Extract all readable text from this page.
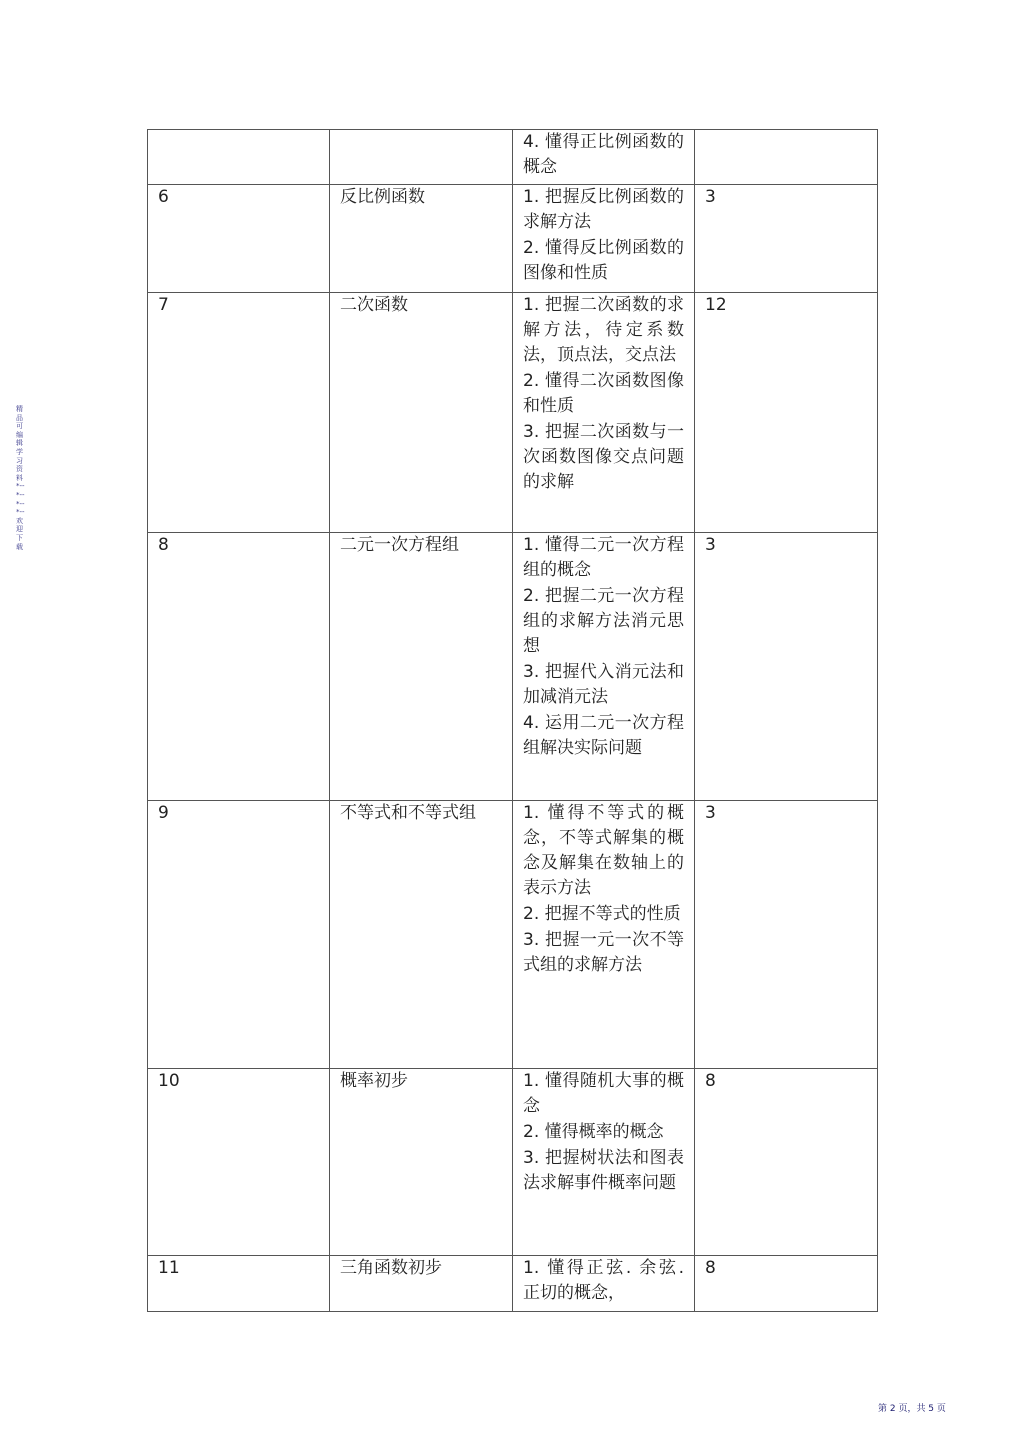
精品可编辑学习资料 *--*--*--*--欢迎下载

		4. 懂得正比例函数的概念	

6	反比例函数	1. 把握反比例函数的求解方法
2. 懂得反比例函数的图像和性质	3
7	二次函数	1. 把握二次函数的求解方法，待定系数法，顶点法，交点法
2. 懂得二次函数图像和性质
3. 把握二次函数与一次函数图像交点问题的求解	12
8	二元一次方程组	1. 懂得二元一次方程组的概念
2. 把握二元一次方程组的求解方法消元思想
3. 把握代入消元法和加减消元法
4. 运用二元一次方程组解决实际问题	3
9	不等式和不等式组	1. 懂得不等式的概念，不等式解集的概念及解集在数轴上的表示方法
2. 把握不等式的性质
3. 把握一元一次不等式组的求解方法	3
10	概率初步	1. 懂得随机大事的概念
2. 懂得概率的概念
3. 把握树状法和图表法求解事件概率问题	8
11	三角函数初步	1. 懂得正弦. 余弦. 正切的概念，	8
第 2 页，共 5 页
